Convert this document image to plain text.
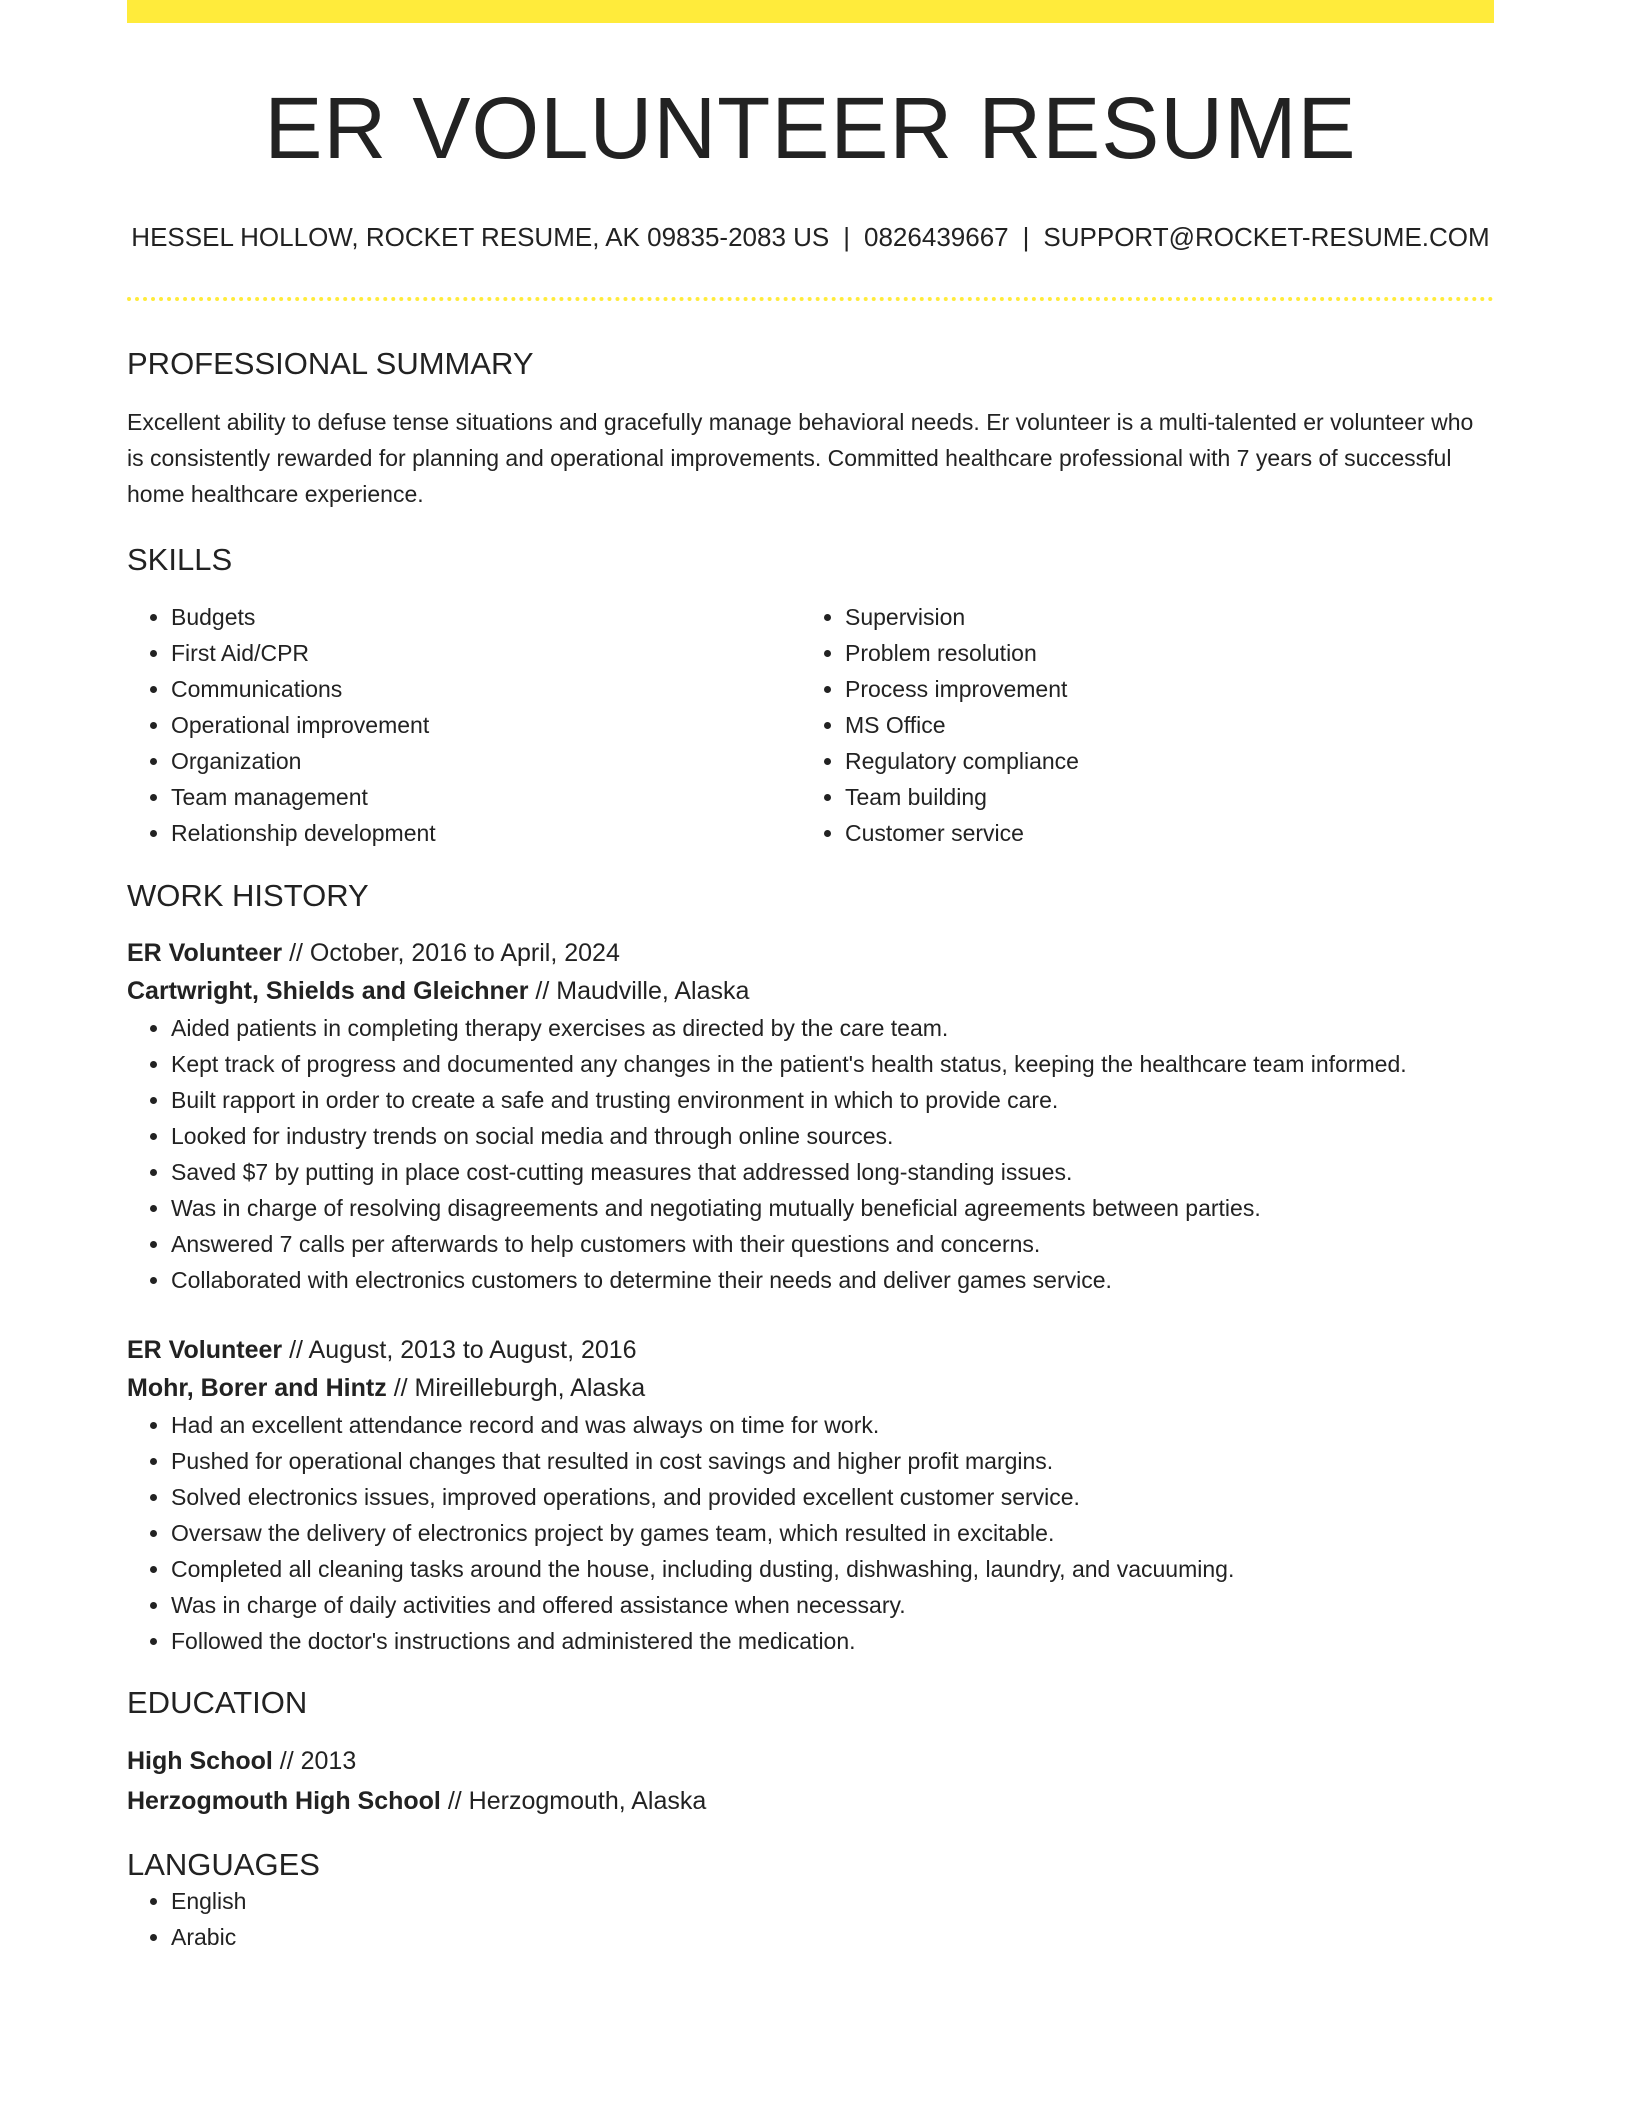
ER VOLUNTEER RESUME
HESSEL HOLLOW, ROCKET RESUME, AK 09835-2083 US | 0826439667 | SUPPORT@ROCKET-RESUME.COM
PROFESSIONAL SUMMARY

Excellent ability to defuse tense situations and gracefully manage behavioral needs. Er volunteer is a multi-talented er volunteer who is consistently rewarded for planning and operational improvements. Committed healthcare professional with 7 years of successful home healthcare experience.

SKILLS
• Budgets
• First Aid/CPR
• Communications
• Operational improvement
• Organization
• Team management
• Relationship development
• Supervision
• Problem resolution
• Process improvement
• MS Office
• Regulatory compliance
• Team building
• Customer service
WORK HISTORY
ER Volunteer // October, 2016 to April, 2024
Cartwright, Shields and Gleichner // Maudville, Alaska
• Aided patients in completing therapy exercises as directed by the care team.
• Kept track of progress and documented any changes in the patient's health status, keeping the healthcare team informed.
• Built rapport in order to create a safe and trusting environment in which to provide care.
• Looked for industry trends on social media and through online sources.
• Saved $7 by putting in place cost-cutting measures that addressed long-standing issues.
• Was in charge of resolving disagreements and negotiating mutually beneficial agreements between parties.
• Answered 7 calls per afterwards to help customers with their questions and concerns.
• Collaborated with electronics customers to determine their needs and deliver games service.
ER Volunteer // August, 2013 to August, 2016
Mohr, Borer and Hintz // Mireilleburgh, Alaska
• Had an excellent attendance record and was always on time for work.
• Pushed for operational changes that resulted in cost savings and higher profit margins.
• Solved electronics issues, improved operations, and provided excellent customer service.
• Oversaw the delivery of electronics project by games team, which resulted in excitable.
• Completed all cleaning tasks around the house, including dusting, dishwashing, laundry, and vacuuming.
• Was in charge of daily activities and offered assistance when necessary.
• Followed the doctor's instructions and administered the medication.
EDUCATION
High School // 2013
Herzogmouth High School // Herzogmouth, Alaska
LANGUAGES
• English
• Arabic
